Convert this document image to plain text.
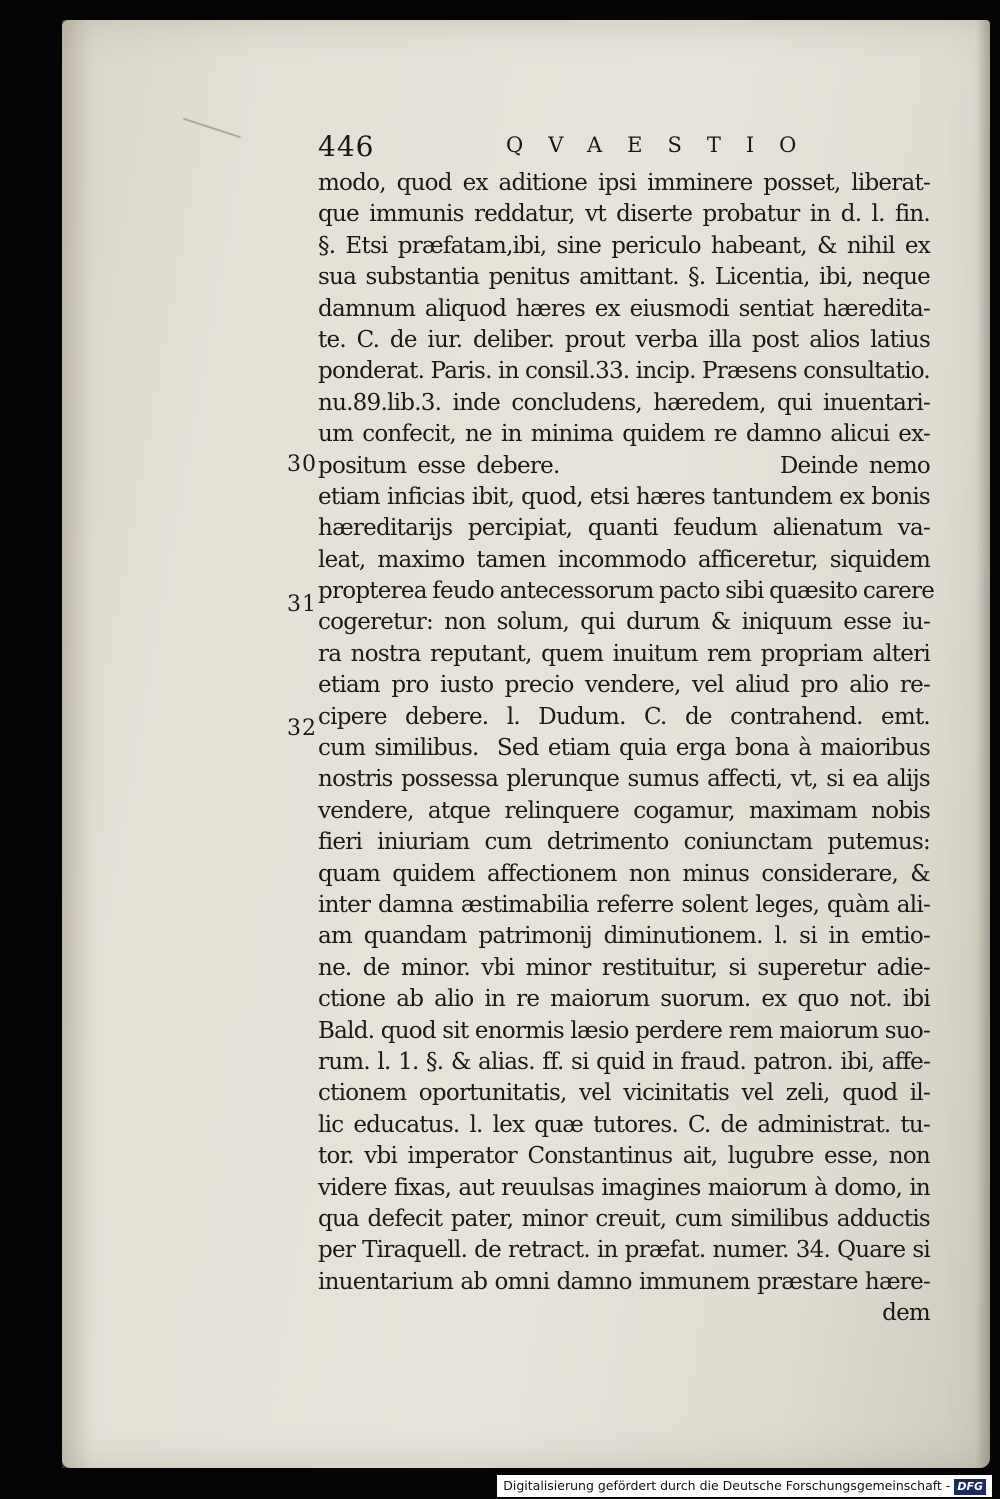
446	QVAESTIO
30
31
32
modo, quod ex aditione ipsi imminere posset, liberat-
que immunis reddatur, vt diserte probatur in d. l. fin.
§. Etsi præfatam,ibi, sine periculo habeant, & nihil ex
sua substantia penitus amittant. §. Licentia, ibi, neque
damnum aliquod hæres ex eiusmodi sentiat hæredita-
te. C. de iur. deliber. prout verba illa post alios latius
ponderat. Paris. in consil.33. incip. Præsens consultatio.
nu.89.lib.3. inde concludens, hæredem, qui inuentari-
um confecit, ne in minima quidem re damno alicui ex-
positum esse debere.                    Deinde nemo
etiam inficias ibit, quod, etsi hæres tantundem ex bonis
hæreditarijs percipiat, quanti feudum alienatum va-
leat, maximo tamen incommodo afficeretur, siquidem
propterea feudo antecessorum pacto sibi quæsito carere
cogeretur: non solum, qui durum & iniquum esse iu-
ra nostra reputant, quem inuitum rem propriam alteri
etiam pro iusto precio vendere, vel aliud pro alio re-
cipere debere. l. Dudum. C. de contrahend. emt.
cum similibus.  Sed etiam quia erga bona à maioribus
nostris possessa plerunque sumus affecti, vt, si ea alijs
vendere, atque relinquere cogamur, maximam nobis
fieri iniuriam cum detrimento coniunctam putemus:
quam quidem affectionem non minus considerare, &
inter damna æstimabilia referre solent leges, quàm ali-
am quandam patrimonij diminutionem. l. si in emtio-
ne. de minor. vbi minor restituitur, si superetur adie-
ctione ab alio in re maiorum suorum. ex quo not. ibi
Bald. quod sit enormis læsio perdere rem maiorum suo-
rum. l. 1. §. & alias. ff. si quid in fraud. patron. ibi, affe-
ctionem oportunitatis, vel vicinitatis vel zeli, quod il-
lic educatus. l. lex quæ tutores. C. de administrat. tu-
tor. vbi imperator Constantinus ait, lugubre esse, non
videre fixas, aut reuulsas imagines maiorum à domo, in
qua defecit pater, minor creuit, cum similibus adductis
per Tiraquell. de retract. in præfat. numer. 34. Quare si
inuentarium ab omni damno immunem præstare hære-
dem
Digitalisierung gefördert durch die Deutsche Forschungsgemeinschaft - DFG
